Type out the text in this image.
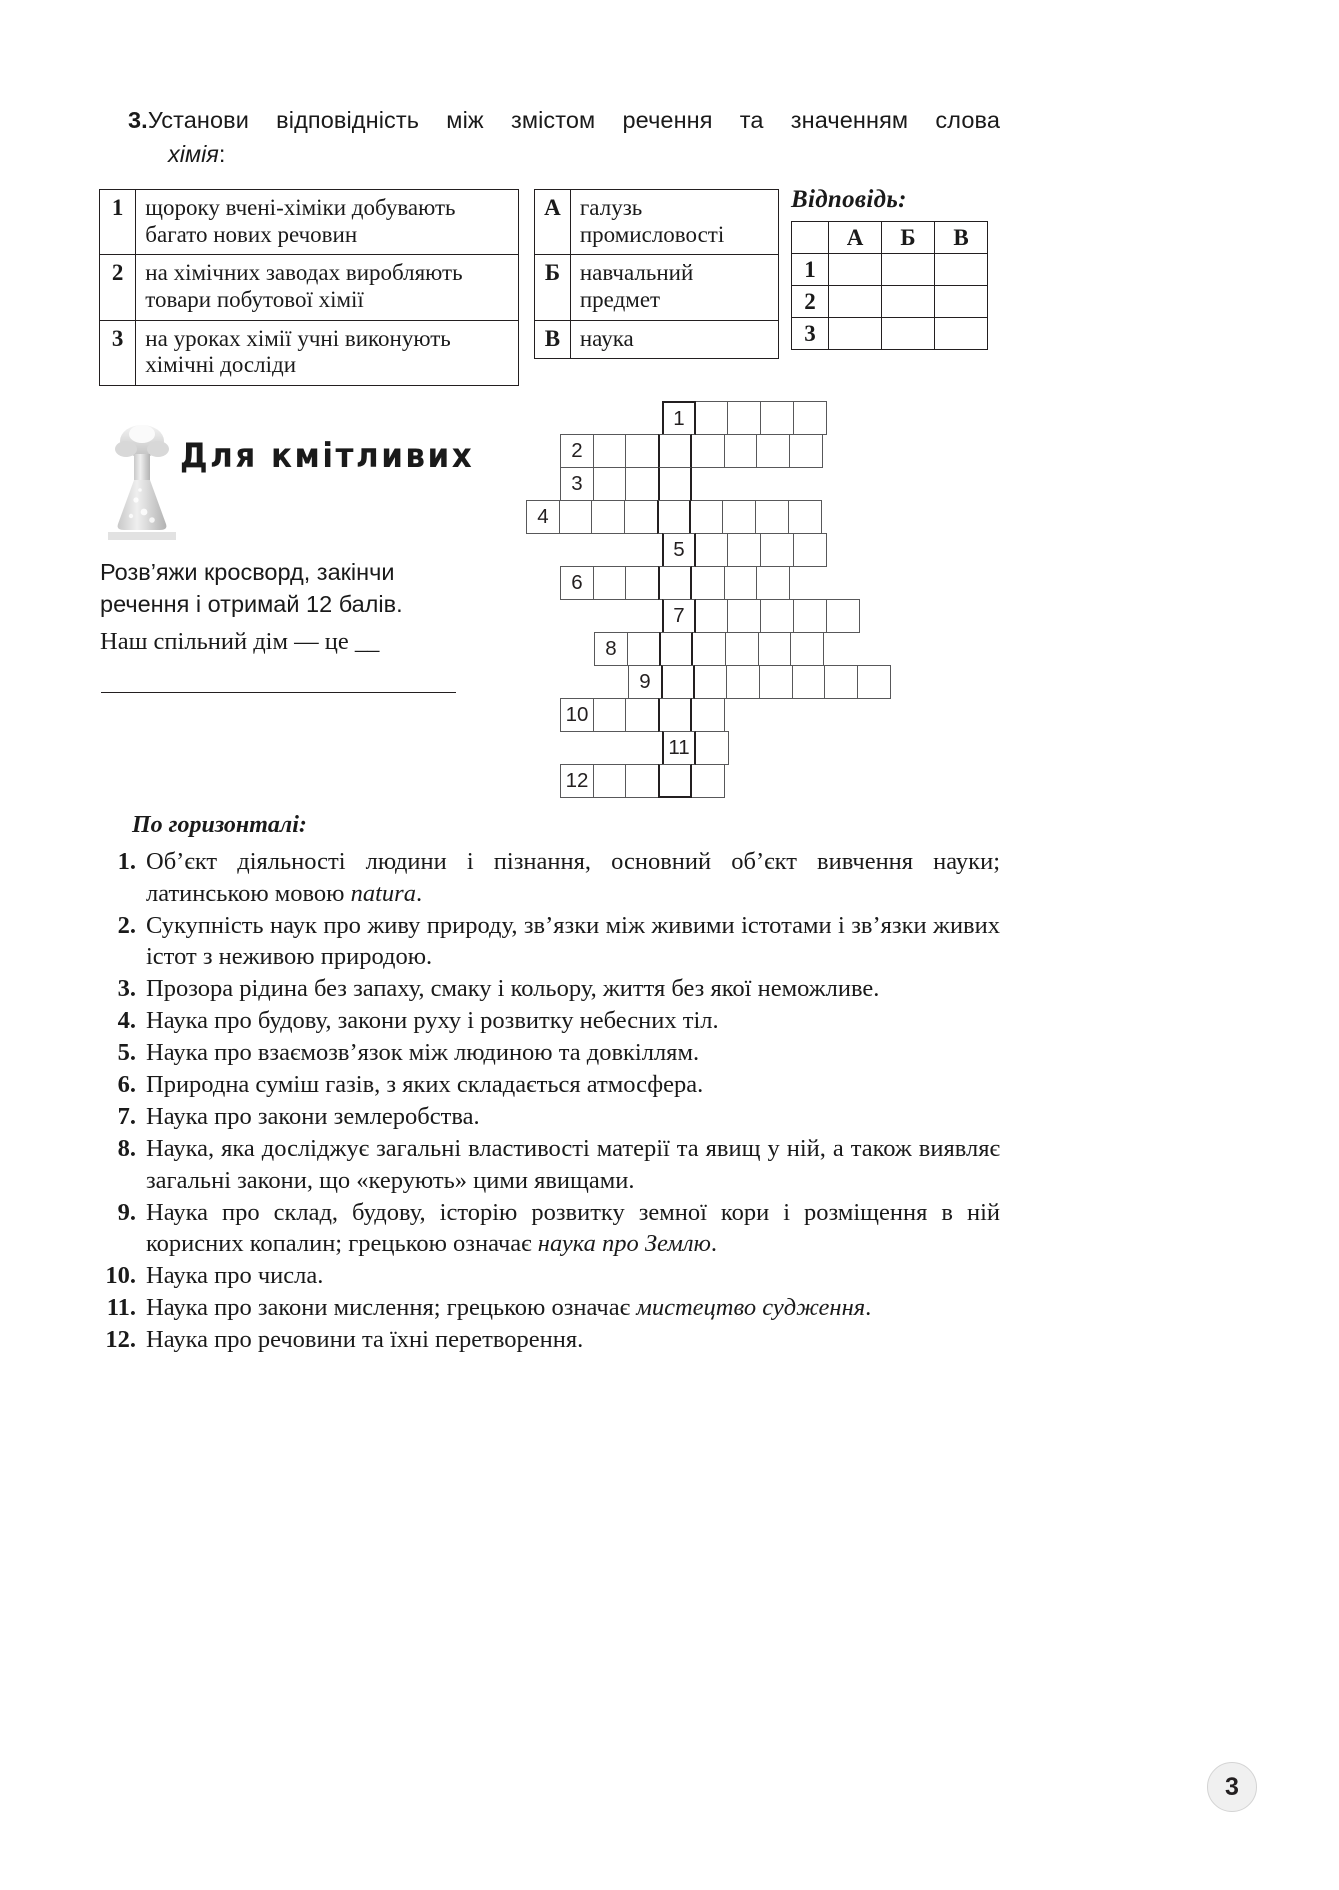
3.Установи відповідність між змістом речення та значенням слова
хімія:
1	щороку вчені-хіміки добувають багато нових речовин
2	на хімічних заводах виробляють товари побутової хімії
3	на уроках хімії учні виконують хімічні досліди
А	галузь промисловості
Б	навчальний предмет
В	наука
Відповідь:
	А	Б	В
1			
2			
3			
Для кмітливих
Розв’яжи кросворд, закінчи речення і отримай 12 балів.
Наш спільний дім — це __
1
2
3
4
5
6
7
8
9
10
11
12
По горизонталі:
1. Об’єкт діяльності людини і пізнання, основний об’єкт вивчення науки; латинською мовою natura.
2. Сукупність наук про живу природу, зв’язки між живими істотами і зв’язки живих істот з неживою природою.
3. Прозора рідина без запаху, смаку і кольору, життя без якої неможливе.
4. Наука про будову, закони руху і розвитку небесних тіл.
5. Наука про взаємозв’язок між людиною та довкіллям.
6. Природна суміш газів, з яких складається атмосфера.
7. Наука про закони землеробства.
8. Наука, яка досліджує загальні властивості матерії та явищ у ній, а також виявляє загальні закони, що «керують» цими явищами.
9. Наука про склад, будову, історію розвитку земної кори і розміщення в ній корисних копалин; грецькою означає наука про Землю.
10. Наука про числа.
11. Наука про закони мислення; грецькою означає мистецтво судження.
12. Наука про речовини та їхні перетворення.
3
